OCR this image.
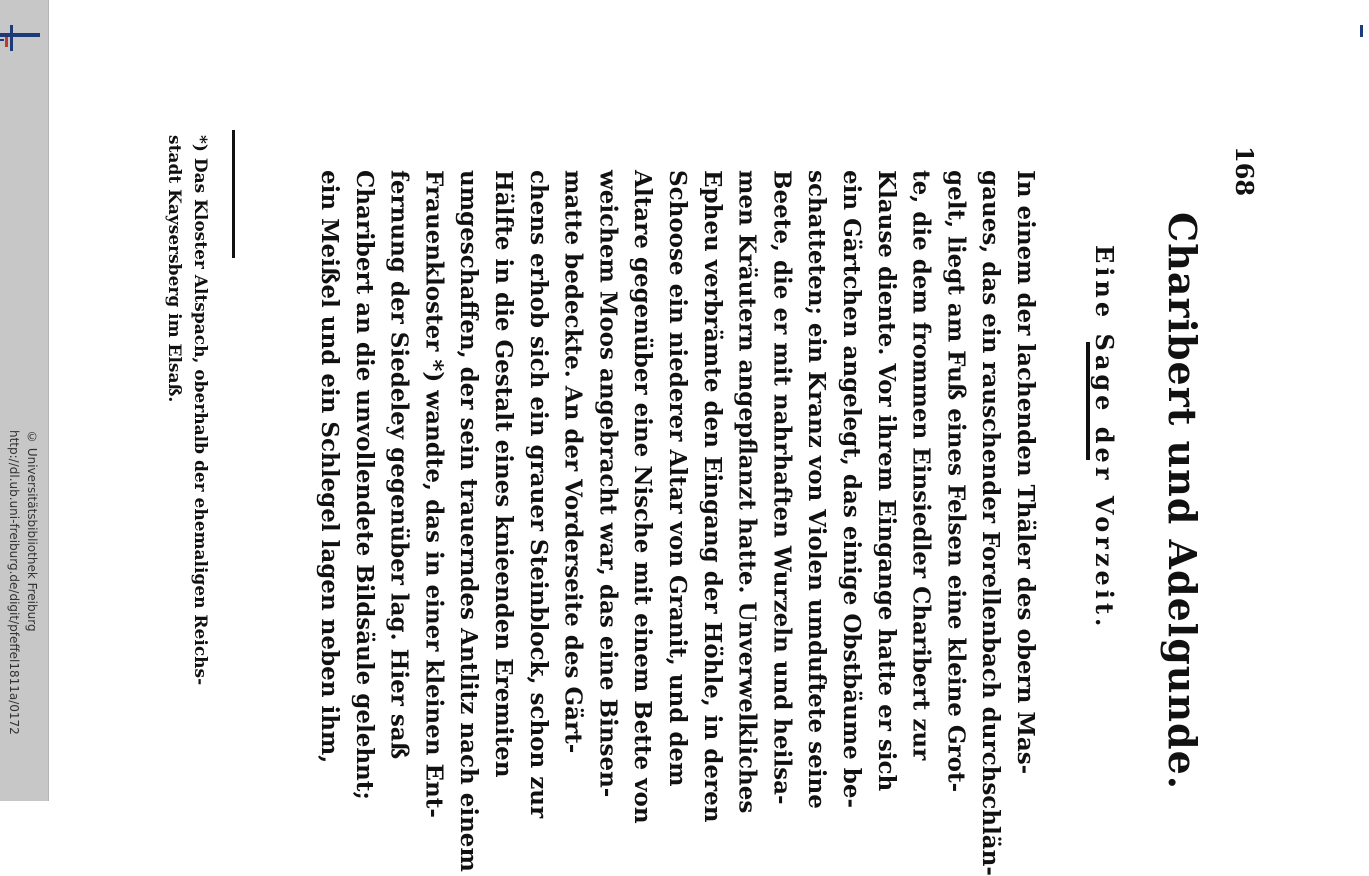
http://dl.ub.uni-freiburg.de/digit/pfeffel1811a/0172 © Universitätsbibliothek Freiburg
168
Charibert und Adelgunde.
Eine Sage der Vorzeit.
In einem der lachenden Thäler des obern Mas-
gaues, das ein rauschender Forellenbach durchschlän-
gelt, liegt am Fuß eines Felsen eine kleine Grot-
te, die dem frommen Einsiedler Charibert zur
Klause diente. Vor ihrem Eingange hatte er sich
ein Gärtchen angelegt, das einige Obstbäume be-
schatteten; ein Kranz von Violen umduftete seine
Beete, die er mit nahrhaften Wurzeln und heilsa-
men Kräutern angepflanzt hatte. Unverwelkliches
Epheu verbrämte den Eingang der Höhle, in deren
Schoose ein niederer Altar von Granit, und dem
Altare gegenüber eine Nische mit einem Bette von
weichem Moos angebracht war, das eine Binsen-
matte bedeckte. An der Vorderseite des Gärt-
chens erhob sich ein grauer Steinblock, schon zur
Hälfte in die Gestalt eines knieenden Eremiten
umgeschaffen, der sein trauerndes Antlitz nach einem
Frauenkloster *) wandte, das in einer kleinen Ent-
fernung der Siedeley gegenüber lag. Hier saß
Charibert an die unvollendete Bildsäule gelehnt;
ein Meißel und ein Schlegel lagen neben ihm,
*) Das Kloster Altspach, oberhalb der ehemaligen Reichs-
stadt Kaysersberg im Elsaß.
